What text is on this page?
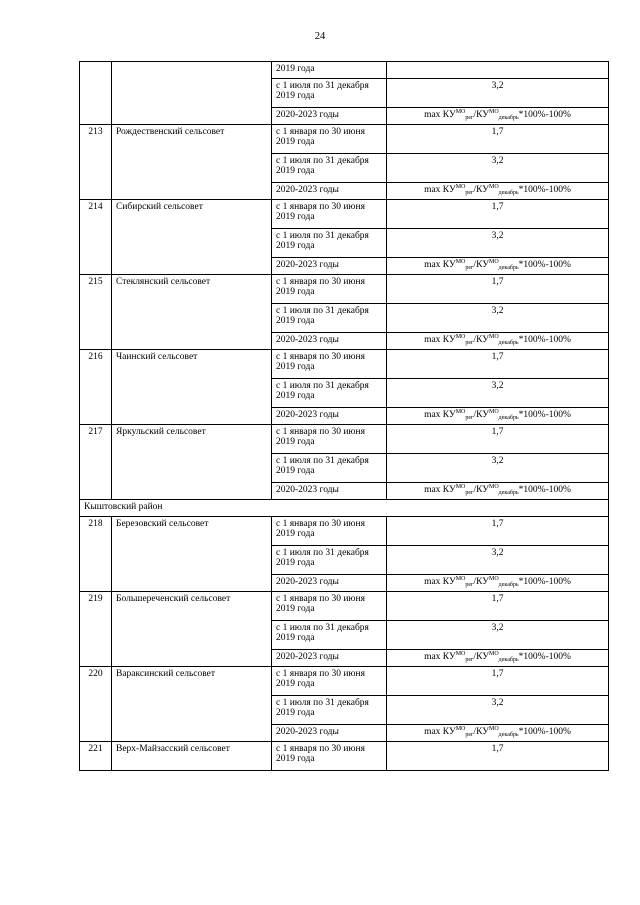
24
		2019 года	
		с 1 июля по 31 декабря 2019 года	3,2
		2020-2023 годы	$\max КУ^{МО}_{рег}/КУ^{МО}_{декабрь}*100\%-100\%$
213	Рождественский сельсовет	с 1 января по 30 июня 2019 года	1,7
		с 1 июля по 31 декабря 2019 года	3,2
		2020-2023 годы	$\max КУ^{МО}_{рег}/КУ^{МО}_{декабрь}*100\%-100\%$
214	Сибирский сельсовет	с 1 января по 30 июня 2019 года	1,7
		с 1 июля по 31 декабря 2019 года	3,2
		2020-2023 годы	$\max КУ^{МО}_{рег}/КУ^{МО}_{декабрь}*100\%-100\%$
215	Стеклянский сельсовет	с 1 января по 30 июня 2019 года	1,7
		с 1 июля по 31 декабря 2019 года	3,2
		2020-2023 годы	$\max КУ^{МО}_{рег}/КУ^{МО}_{декабрь}*100\%-100\%$
216	Чаинский сельсовет	с 1 января по 30 июня 2019 года	1,7
		с 1 июля по 31 декабря 2019 года	3,2
		2020-2023 годы	$\max КУ^{МО}_{рег}/КУ^{МО}_{декабрь}*100\%-100\%$
217	Яркульский сельсовет	с 1 января по 30 июня 2019 года	1,7
		с 1 июля по 31 декабря 2019 года	3,2
		2020-2023 годы	$\max КУ^{МО}_{рег}/КУ^{МО}_{декабрь}*100\%-100\%$
Кыштовский район			
218	Березовский сельсовет	с 1 января по 30 июня 2019 года	1,7
		с 1 июля по 31 декабря 2019 года	3,2
		2020-2023 годы	$\max КУ^{МО}_{рег}/КУ^{МО}_{декабрь}*100\%-100\%$
219	Большереченский сельсовет	с 1 января по 30 июня 2019 года	1,7
		с 1 июля по 31 декабря 2019 года	3,2
		2020-2023 годы	$\max КУ^{МО}_{рег}/КУ^{МО}_{декабрь}*100\%-100\%$
220	Вараксинский сельсовет	с 1 января по 30 июня 2019 года	1,7
		с 1 июля по 31 декабря 2019 года	3,2
		2020-2023 годы	$\max КУ^{МО}_{рег}/КУ^{МО}_{декабрь}*100\%-100\%$
221	Верх-Майзасский сельсовет	с 1 января по 30 июня 2019 года	1,7
